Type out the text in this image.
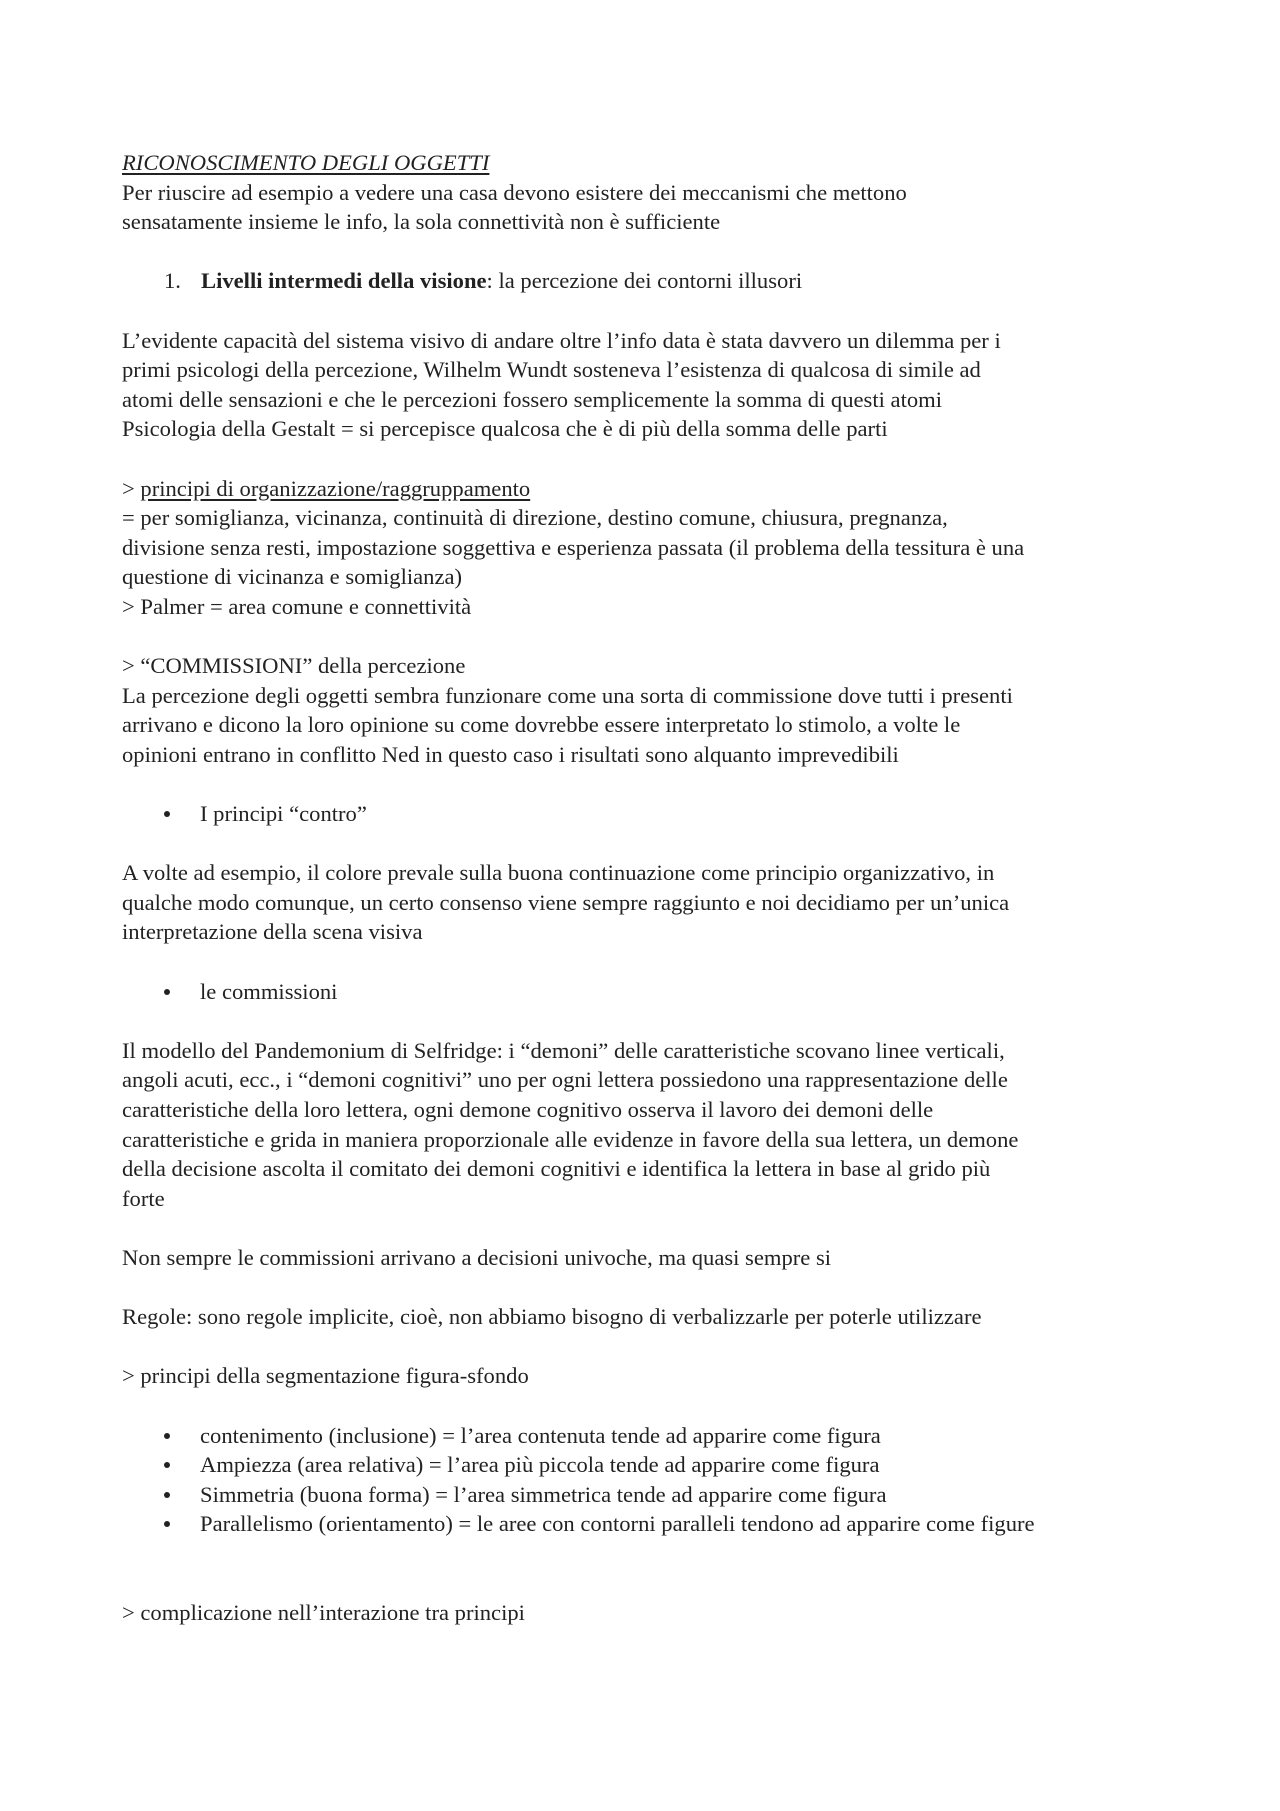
RICONOSCIMENTO DEGLI OGGETTI

Per riuscire ad esempio a vedere una casa devono esistere dei meccanismi che mettono

sensatamente insieme le info, la sola connettività non è sufficiente

1. Livelli intermedi della visione: la percezione dei contorni illusori

L’evidente capacità del sistema visivo di andare oltre l’info data è stata davvero un dilemma per i

primi psicologi della percezione, Wilhelm Wundt sosteneva l’esistenza di qualcosa di simile ad

atomi delle sensazioni e che le percezioni fossero semplicemente la somma di questi atomi

Psicologia della Gestalt = si percepisce qualcosa che è di più della somma delle parti

> principi di organizzazione/raggruppamento

= per somiglianza, vicinanza, continuità di direzione, destino comune, chiusura, pregnanza,

divisione senza resti, impostazione soggettiva e esperienza passata (il problema della tessitura è una

questione di vicinanza e somiglianza)

> Palmer = area comune e connettività

> “COMMISSIONI” della percezione

La percezione degli oggetti sembra funzionare come una sorta di commissione dove tutti i presenti

arrivano e dicono la loro opinione su come dovrebbe essere interpretato lo stimolo, a volte le

opinioni entrano in conflitto Ned in questo caso i risultati sono alquanto imprevedibili

I principi “contro”

A volte ad esempio, il colore prevale sulla buona continuazione come principio organizzativo, in

qualche modo comunque, un certo consenso viene sempre raggiunto e noi decidiamo per un’unica

interpretazione della scena visiva

le commissioni

Il modello del Pandemonium di Selfridge: i “demoni” delle caratteristiche scovano linee verticali,

angoli acuti, ecc., i “demoni cognitivi” uno per ogni lettera possiedono una rappresentazione delle

caratteristiche della loro lettera, ogni demone cognitivo osserva il lavoro dei demoni delle

caratteristiche e grida in maniera proporzionale alle evidenze in favore della sua lettera, un demone

della decisione ascolta il comitato dei demoni cognitivi e identifica la lettera in base al grido più

forte

Non sempre le commissioni arrivano a decisioni univoche, ma quasi sempre si

Regole: sono regole implicite, cioè, non abbiamo bisogno di verbalizzarle per poterle utilizzare

> principi della segmentazione figura-sfondo

contenimento (inclusione) = l’area contenuta tende ad apparire come figura
Ampiezza (area relativa) = l’area più piccola tende ad apparire come figura
Simmetria (buona forma) = l’area simmetrica tende ad apparire come figura
Parallelismo (orientamento) = le aree con contorni paralleli tendono ad apparire come figure

> complicazione nell’interazione tra principi
